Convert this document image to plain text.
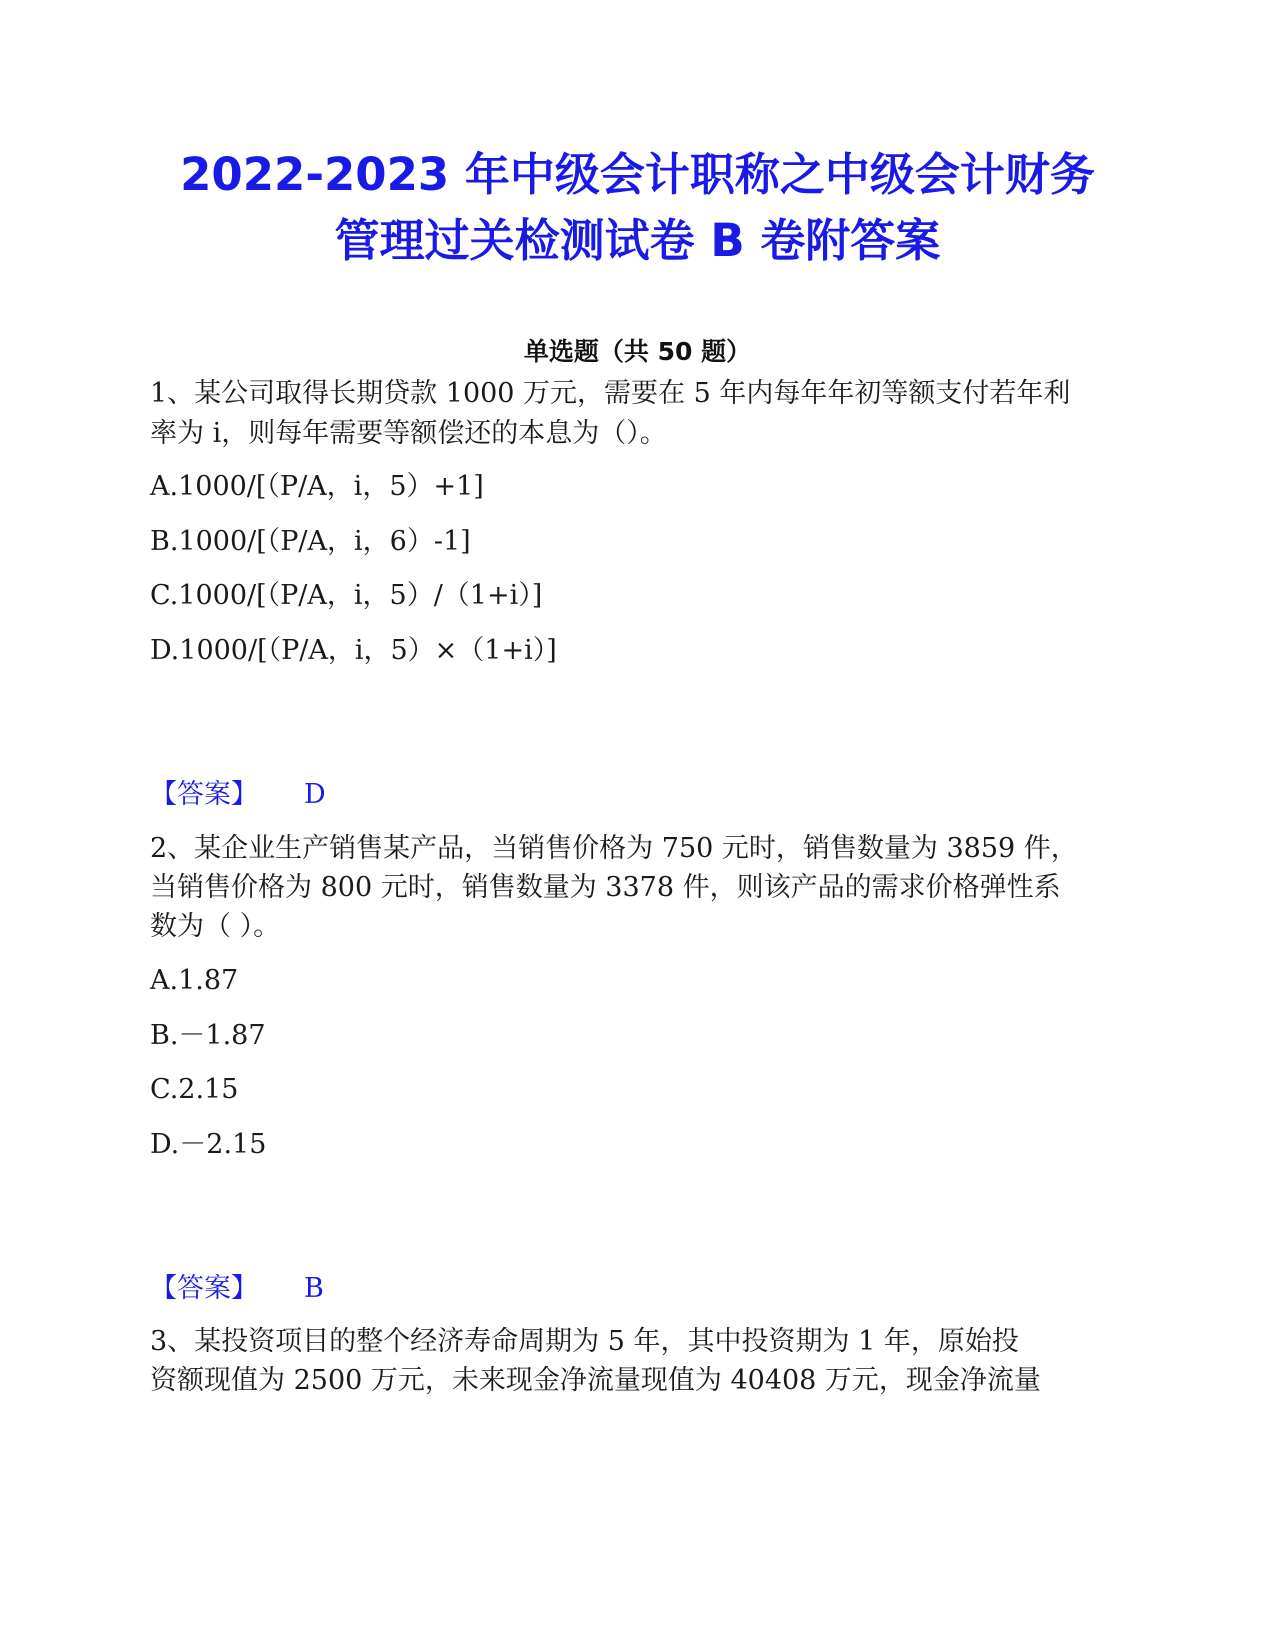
2022-2023 年中级会计职称之中级会计财务
管理过关检测试卷 B 卷附答案
单选题（共 50 题）
1、某公司取得长期贷款 1000 万元，需要在 5 年内每年年初等额支付若年利
率为 i，则每年需要等额偿还的本息为（）。
A.1000/[（P/A，i，5）+1]
B.1000/[（P/A，i，6）-1]
C.1000/[（P/A，i，5）/（1+i）]
D.1000/[（P/A，i，5）×（1+i）]
【答案】 D
2、某企业生产销售某产品，当销售价格为 750 元时，销售数量为 3859 件，
当销售价格为 800 元时，销售数量为 3378 件，则该产品的需求价格弹性系
数为（ ）。
A.1.87
B.－1.87
C.2.15
D.－2.15
【答案】 B
3、某投资项目的整个经济寿命周期为 5 年，其中投资期为 1 年，原始投
资额现值为 2500 万元，未来现金净流量现值为 40408 万元，现金净流量
